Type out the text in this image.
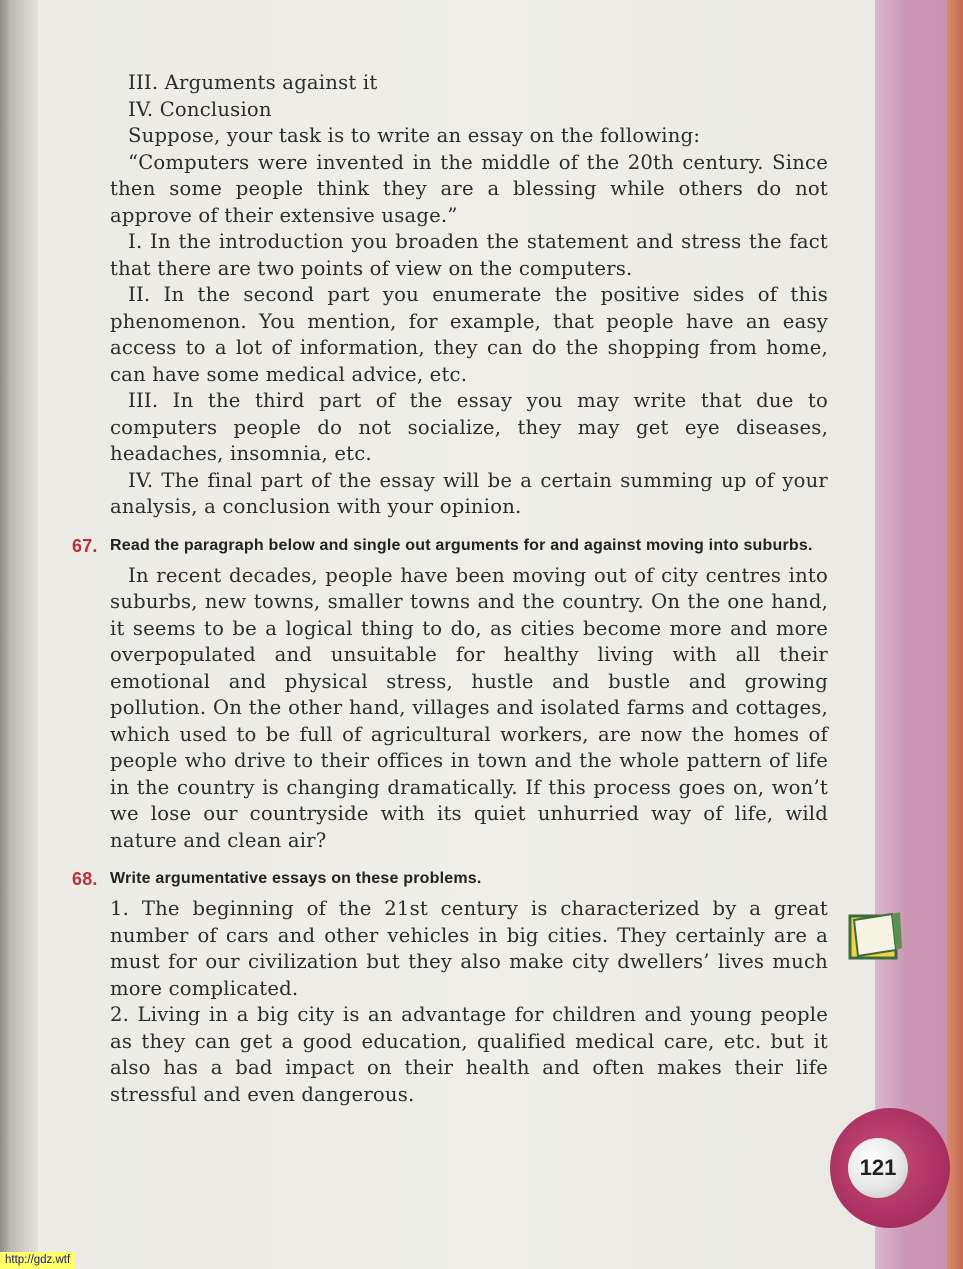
III. Arguments against it

IV. Conclusion

Suppose, your task is to write an essay on the following:

“Computers were invented in the middle of the 20th century. Since then some people think they are a blessing while others do not approve of their extensive usage.”

I. In the introduction you broaden the statement and stress the fact that there are two points of view on the computers.

II. In the second part you enumerate the positive sides of this phenomenon. You mention, for example, that people have an easy access to a lot of information, they can do the shopping from home, can have some medical advice, etc.

III. In the third part of the essay you may write that due to computers people do not socialize, they may get eye diseases, headaches, insomnia, etc.

IV. The final part of the essay will be a certain summing up of your analysis, a conclusion with your opinion.

67. Read the paragraph below and single out arguments for and against moving into suburbs.

In recent decades, people have been moving out of city centres into suburbs, new towns, smaller towns and the country. On the one hand, it seems to be a logical thing to do, as cities become more and more overpopulated and unsuitable for healthy living with all their emotional and physical stress, hustle and bustle and growing pollution. On the other hand, villages and isolated farms and cottages, which used to be full of agricultural workers, are now the homes of people who drive to their offices in town and the whole pattern of life in the country is changing dramatically. If this process goes on, won’t we lose our countryside with its quiet unhurried way of life, wild nature and clean air?

68. Write argumentative essays on these problems.

1. The beginning of the 21st century is characterized by a great number of cars and other vehicles in big cities. They certainly are a must for our civilization but they also make city dwellers’ lives much more complicated.

2. Living in a big city is an advantage for children and young people as they can get a good education, qualified medical care, etc. but it also has a bad impact on their health and often makes their life stressful and even dangerous.

121
http://gdz.wtf
